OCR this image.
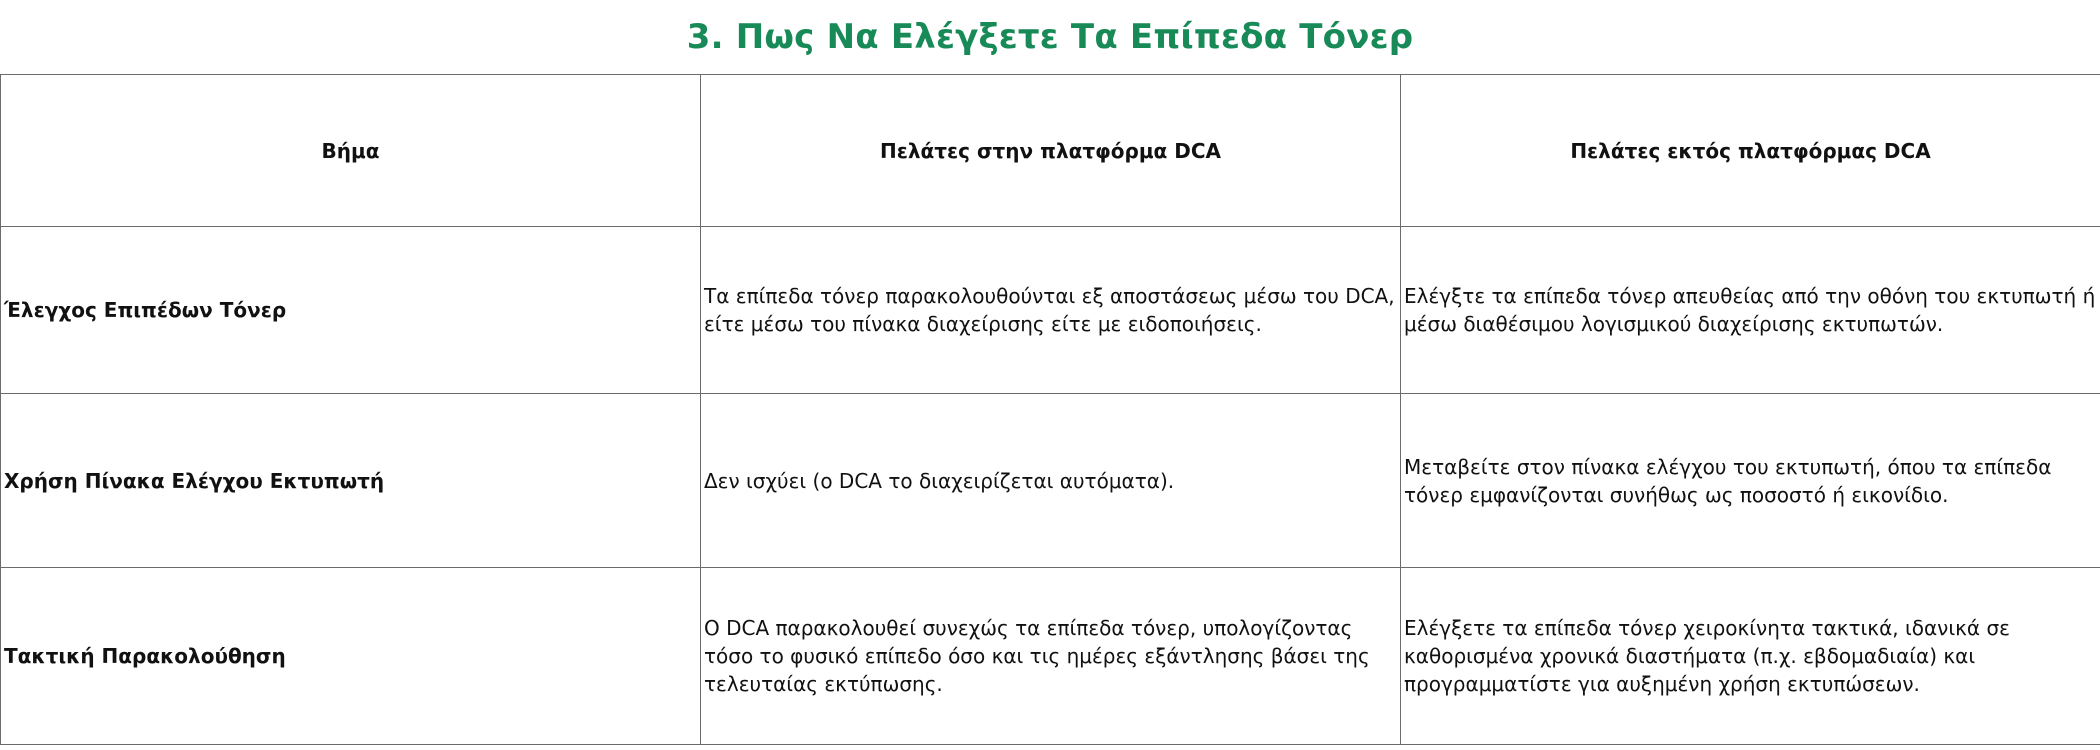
3. Πως Να Ελέγξετε Τα Επίπεδα Τόνερ
Βήμα	Πελάτες στην πλατφόρμα DCA	Πελάτες εκτός πλατφόρμας DCA
Έλεγχος Επιπέδων Τόνερ	Τα επίπεδα τόνερ παρακολουθούνται εξ αποστάσεως μέσω του DCA, είτε μέσω του πίνακα διαχείρισης είτε με ειδοποιήσεις.	Ελέγξτε τα επίπεδα τόνερ απευθείας από την οθόνη του εκτυπωτή ή μέσω διαθέσιμου λογισμικού διαχείρισης εκτυπωτών.
Χρήση Πίνακα Ελέγχου Εκτυπωτή	Δεν ισχύει (ο DCA το διαχειρίζεται αυτόματα).	Μεταβείτε στον πίνακα ελέγχου του εκτυπωτή, όπου τα επίπεδα τόνερ εμφανίζονται συνήθως ως ποσοστό ή εικονίδιο.
Τακτική Παρακολούθηση	Ο DCA παρακολουθεί συνεχώς τα επίπεδα τόνερ, υπολογίζοντας τόσο το φυσικό επίπεδο όσο και τις ημέρες εξάντλησης βάσει της τελευταίας εκτύπωσης.	Ελέγξετε τα επίπεδα τόνερ χειροκίνητα τακτικά, ιδανικά σε καθορισμένα χρονικά διαστήματα (π.χ. εβδομαδιαία) και προγραμματίστε για αυξημένη χρήση εκτυπώσεων.
